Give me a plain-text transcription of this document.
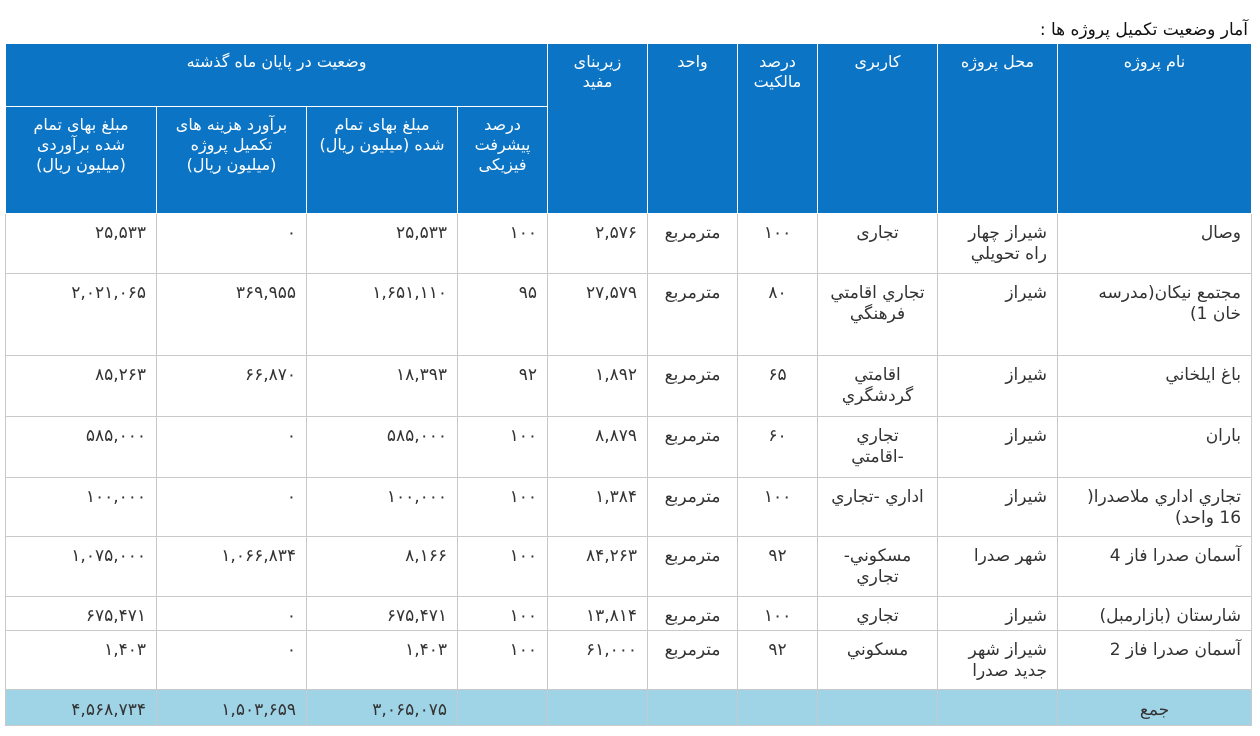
آمار وضعیت تکمیل پروژه ها :
نام پروژه	محل پروژه	کاربری	درصد مالکیت	واحد	زیربنای مفید	وضعیت در پایان ماه گذشته			
						درصد پیشرفت فیزیکی	مبلغ بهای تمام شده (میلیون ریال)	برآورد هزینه های تکمیل پروژه (میلیون ریال)	مبلغ بهای تمام شده برآوردی (میلیون ریال)
وصال	شیراز چهار راه تحویلي	تجاری	۱۰۰	مترمربع	۲,۵۷۶	۱۰۰	۲۵,۵۳۳	۰	۲۵,۵۳۳
مجتمع نيکان(مدرسه خان 1)	شيراز	تجاري اقامتي فرهنگي	۸۰	مترمربع	۲۷,۵۷۹	۹۵	۱,۶۵۱,۱۱۰	۳۶۹,۹۵۵	۲,۰۲۱,۰۶۵
باغ ايلخاني	شيراز	اقامتي گردشگري	۶۵	مترمربع	۱,۸۹۲	۹۲	۱۸,۳۹۳	۶۶,۸۷۰	۸۵,۲۶۳
باران	شيراز	تجاري -اقامتي	۶۰	مترمربع	۸,۸۷۹	۱۰۰	۵۸۵,۰۰۰	۰	۵۸۵,۰۰۰
تجاري اداري ملاصدرا( 16 واحد)	شيراز	اداري -تجاري	۱۰۰	مترمربع	۱,۳۸۴	۱۰۰	۱۰۰,۰۰۰	۰	۱۰۰,۰۰۰
آسمان صدرا فاز 4	شهر صدرا	مسكوني- تجاري	۹۲	مترمربع	۸۴,۲۶۳	۱۰۰	۸,۱۶۶	۱,۰۶۶,۸۳۴	۱,۰۷۵,۰۰۰
شارستان (بازارمبل)	شيراز	تجاري	۱۰۰	مترمربع	۱۳,۸۱۴	۱۰۰	۶۷۵,۴۷۱	۰	۶۷۵,۴۷۱
آسمان صدرا فاز 2	شيراز شهر جديد صدرا	مسكوني	۹۲	مترمربع	۶۱,۰۰۰	۱۰۰	۱,۴۰۳	۰	۱,۴۰۳
جمع							۳,۰۶۵,۰۷۵	۱,۵۰۳,۶۵۹	۴,۵۶۸,۷۳۴
